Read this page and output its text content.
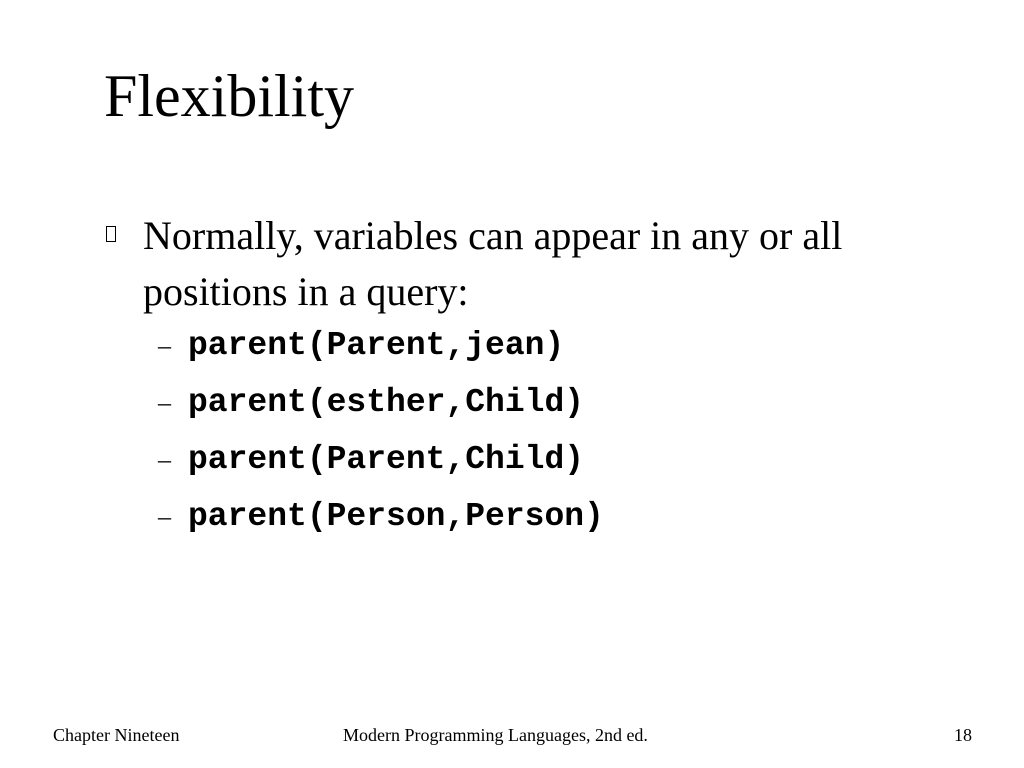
Flexibility

Normally, variables can appear in any or all positions in a query:

– parent(Parent,jean)
– parent(esther,Child)
– parent(Parent,Child)
– parent(Person,Person)
Chapter Nineteen	Modern Programming Languages, 2nd ed.	18
